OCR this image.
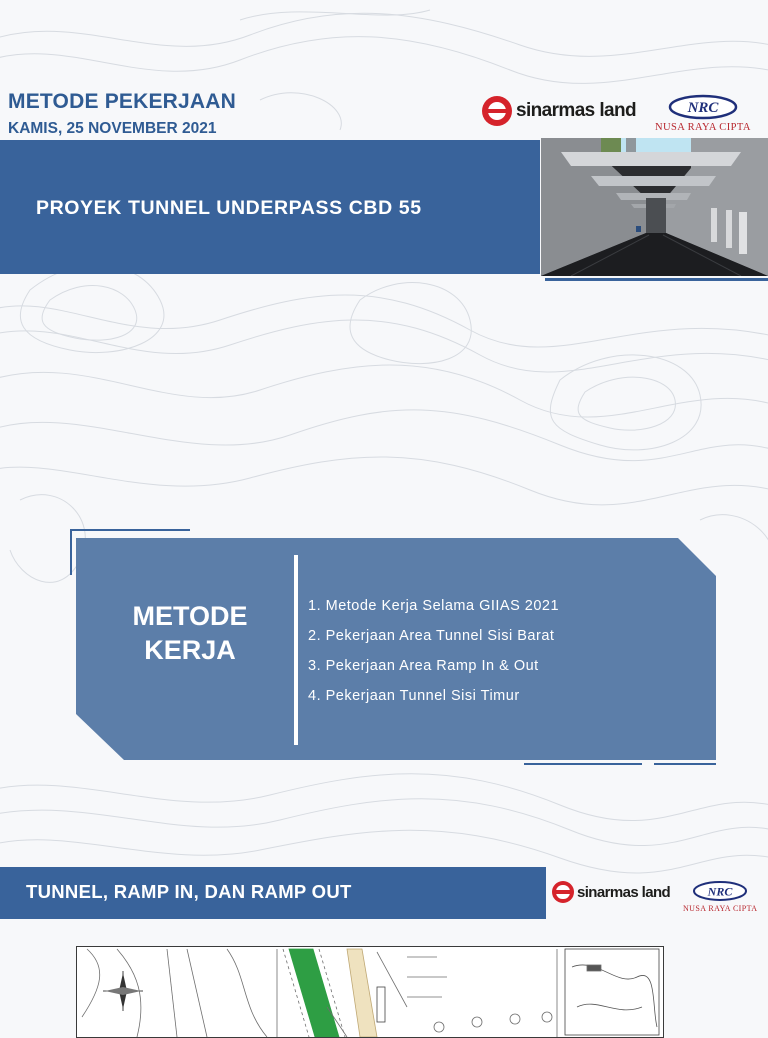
METODE PEKERJAAN
KAMIS, 25 NOVEMBER 2021
sinarmas land	NRC
NUSA RAYA CIPTA
PROYEK TUNNEL UNDERPASS CBD 55
METODE
KERJA
1. Metode Kerja Selama GIIAS 2021
2. Pekerjaan Area Tunnel Sisi Barat
3. Pekerjaan Area Ramp In & Out
4. Pekerjaan Tunnel Sisi Timur
TUNNEL, RAMP IN, DAN RAMP OUT	sinarmas land	NRC
NUSA RAYA CIPTA
